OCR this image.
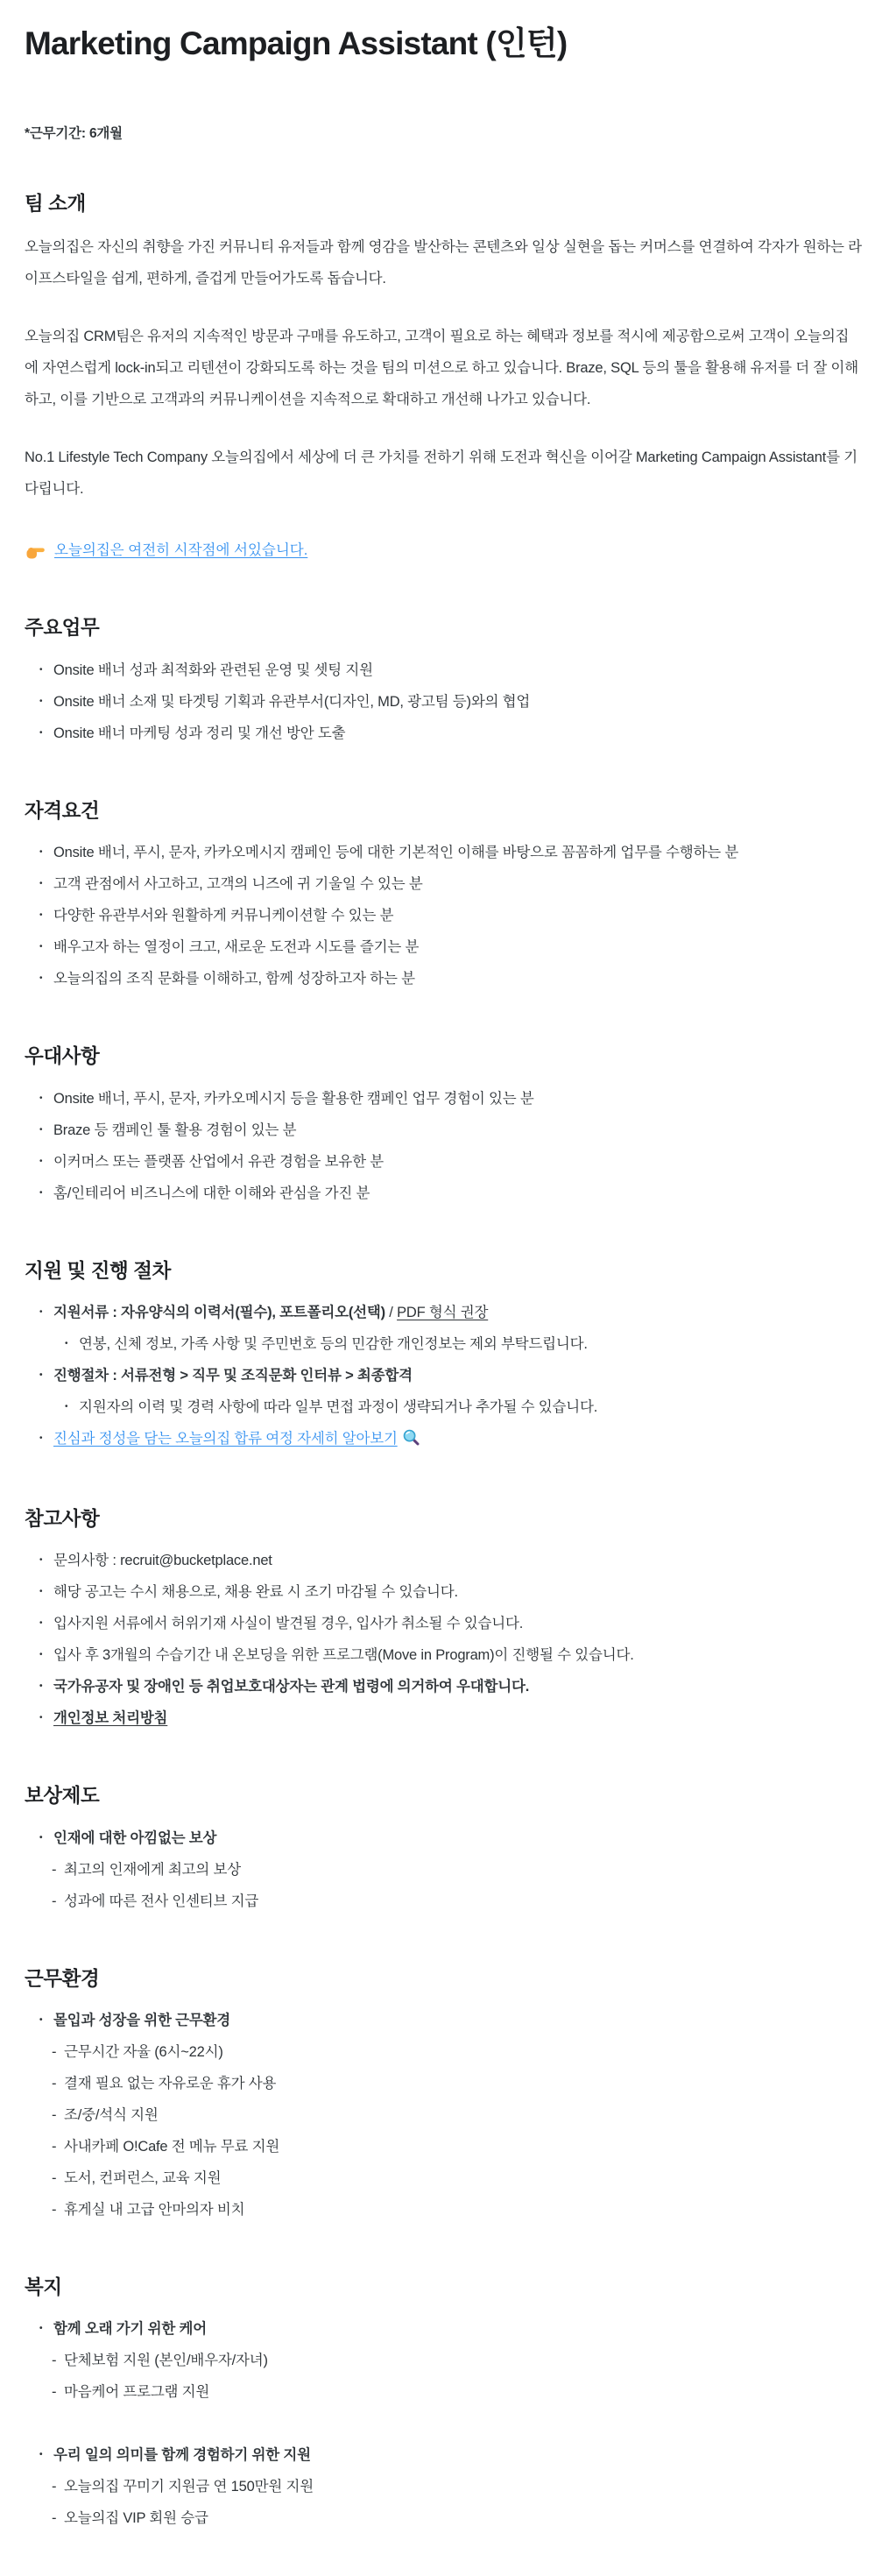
Marketing Campaign Assistant (인턴)

*근무기간: 6개월

팀 소개

오늘의집은 자신의 취향을 가진 커뮤니티 유저들과 함께 영감을 발산하는 콘텐츠와 일상 실현을 돕는 커머스를 연결하여 각자가 원하는 라이프스타일을 쉽게, 편하게, 즐겁게 만들어가도록 돕습니다.

오늘의집 CRM팀은 유저의 지속적인 방문과 구매를 유도하고, 고객이 필요로 하는 혜택과 정보를 적시에 제공함으로써 고객이 오늘의집에 자연스럽게 lock-in되고 리텐션이 강화되도록 하는 것을 팀의 미션으로 하고 있습니다. Braze, SQL 등의 툴을 활용해 유저를 더 잘 이해하고, 이를 기반으로 고객과의 커뮤니케이션을 지속적으로 확대하고 개선해 나가고 있습니다.

No.1 Lifestyle Tech Company 오늘의집에서 세상에 더 큰 가치를 전하기 위해 도전과 혁신을 이어갈 Marketing Campaign Assistant를 기다립니다.

오늘의집은 여전히 시작점에 서있습니다.
주요업무
• Onsite 배너 성과 최적화와 관련된 운영 및 셋팅 지원
• Onsite 배너 소재 및 타겟팅 기획과 유관부서(디자인, MD, 광고팀 등)와의 협업
• Onsite 배너 마케팅 성과 정리 및 개선 방안 도출
자격요건
• Onsite 배너, 푸시, 문자, 카카오메시지 캠페인 등에 대한 기본적인 이해를 바탕으로 꼼꼼하게 업무를 수행하는 분
• 고객 관점에서 사고하고, 고객의 니즈에 귀 기울일 수 있는 분
• 다양한 유관부서와 원활하게 커뮤니케이션할 수 있는 분
• 배우고자 하는 열정이 크고, 새로운 도전과 시도를 즐기는 분
• 오늘의집의 조직 문화를 이해하고, 함께 성장하고자 하는 분
우대사항
• Onsite 배너, 푸시, 문자, 카카오메시지 등을 활용한 캠페인 업무 경험이 있는 분
• Braze 등 캠페인 툴 활용 경험이 있는 분
• 이커머스 또는 플랫폼 산업에서 유관 경험을 보유한 분
• 홈/인테리어 비즈니스에 대한 이해와 관심을 가진 분
지원 및 진행 절차
• 지원서류 : 자유양식의 이력서(필수), 포트폴리오(선택) / PDF 형식 권장
• 연봉, 신체 정보, 가족 사항 및 주민번호 등의 민감한 개인정보는 제외 부탁드립니다.
• 진행절차 : 서류전형 > 직무 및 조직문화 인터뷰 > 최종합격
• 지원자의 이력 및 경력 사항에 따라 일부 면접 과정이 생략되거나 추가될 수 있습니다.
• 진심과 정성을 담는 오늘의집 합류 여정 자세히 알아보기
참고사항
• 문의사항 : recruit@bucketplace.net
• 해당 공고는 수시 채용으로, 채용 완료 시 조기 마감될 수 있습니다.
• 입사지원 서류에서 허위기재 사실이 발견될 경우, 입사가 취소될 수 있습니다.
• 입사 후 3개월의 수습기간 내 온보딩을 위한 프로그램(Move in Program)이 진행될 수 있습니다.
• 국가유공자 및 장애인 등 취업보호대상자는 관계 법령에 의거하여 우대합니다.
• 개인정보 처리방침
보상제도
• 인재에 대한 아낌없는 보상
- 최고의 인재에게 최고의 보상
- 성과에 따른 전사 인센티브 지급
근무환경
• 몰입과 성장을 위한 근무환경
- 근무시간 자율 (6시~22시)
- 결재 필요 없는 자유로운 휴가 사용
- 조/중/석식 지원
- 사내카페 O!Cafe 전 메뉴 무료 지원
- 도서, 컨퍼런스, 교육 지원
- 휴게실 내 고급 안마의자 비치
복지
• 함께 오래 가기 위한 케어
- 단체보험 지원 (본인/배우자/자녀)
- 마음케어 프로그램 지원
• 우리 일의 의미를 함께 경험하기 위한 지원
- 오늘의집 꾸미기 지원금 연 150만원 지원
- 오늘의집 VIP 회원 승급
